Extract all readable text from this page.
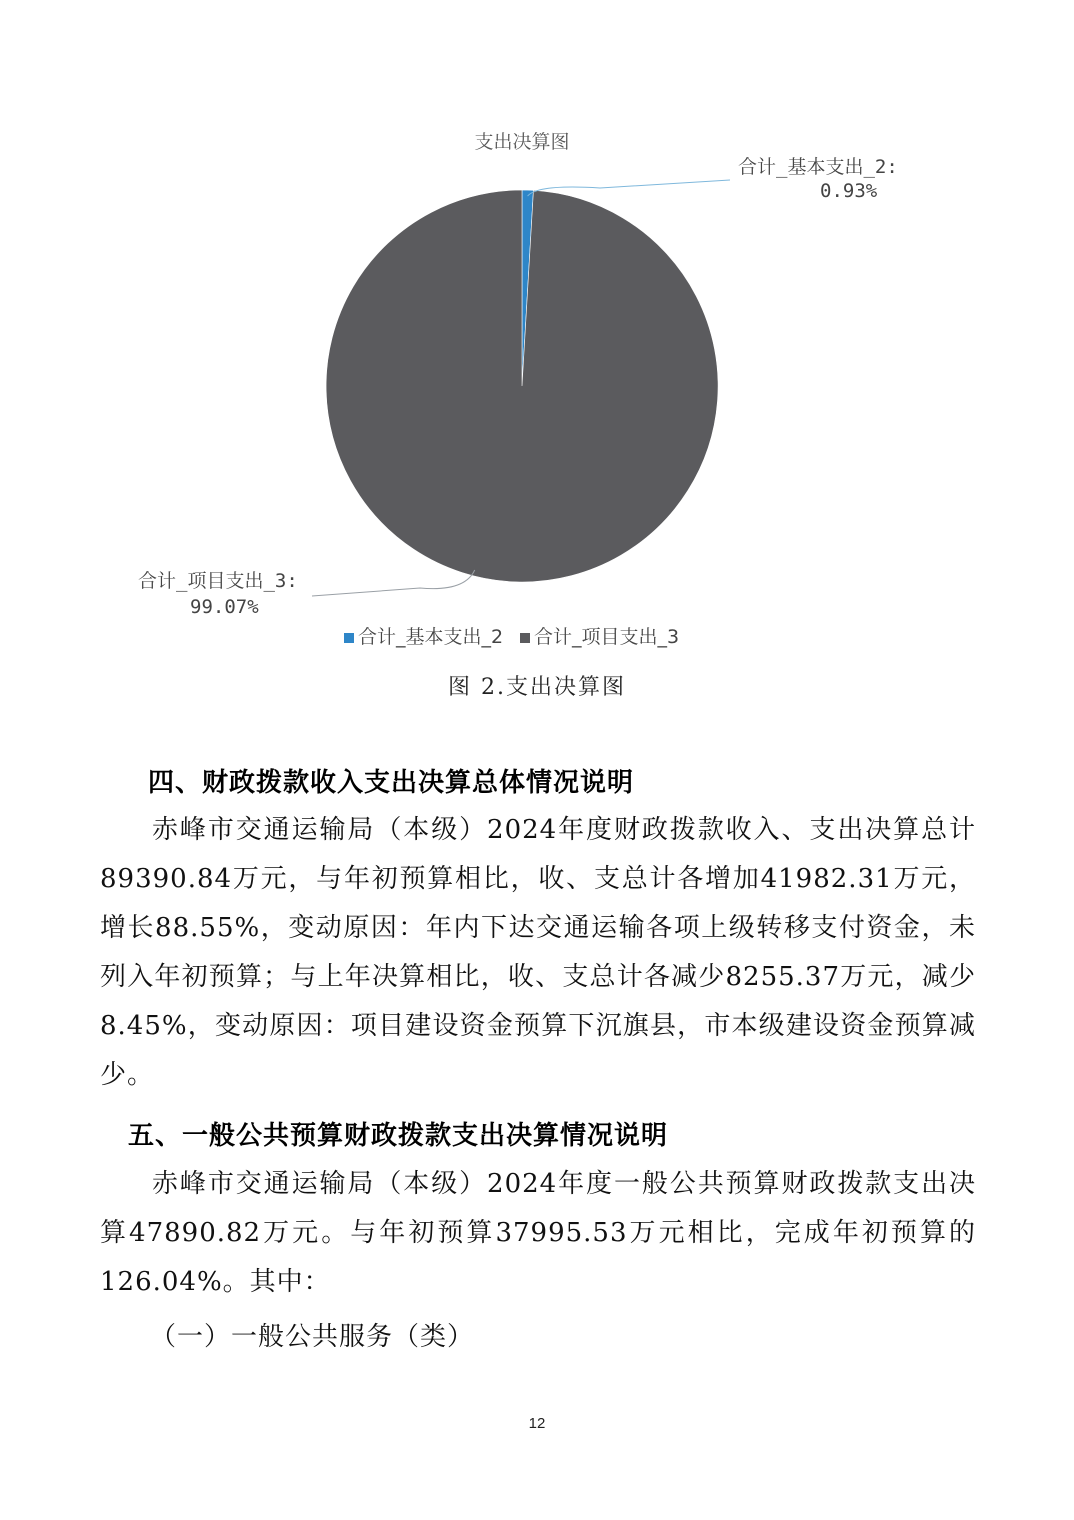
支出决算图
合计_基本支出_2:
0.93%
合计_项目支出_3:
99.07%
合计_基本支出_2 合计_项目支出_3
图 2.支出决算图
四、财政拨款收入支出决算总体情况说明
赤峰市交通运输局（本级）2024年度财政拨款收入、支出决算总计89390.84万元，与年初预算相比，收、支总计各增加41982.31万元，增长88.55%，变动原因：年内下达交通运输各项上级转移支付资金，未列入年初预算；与上年决算相比，收、支总计各减少8255.37万元，减少8.45%，变动原因：项目建设资金预算下沉旗县，市本级建设资金预算减少。
五、一般公共预算财政拨款支出决算情况说明
赤峰市交通运输局（本级）2024年度一般公共预算财政拨款支出决算47890.82万元。与年初预算37995.53万元相比，完成年初预算的126.04%。其中：
（一）一般公共服务（类）
12
